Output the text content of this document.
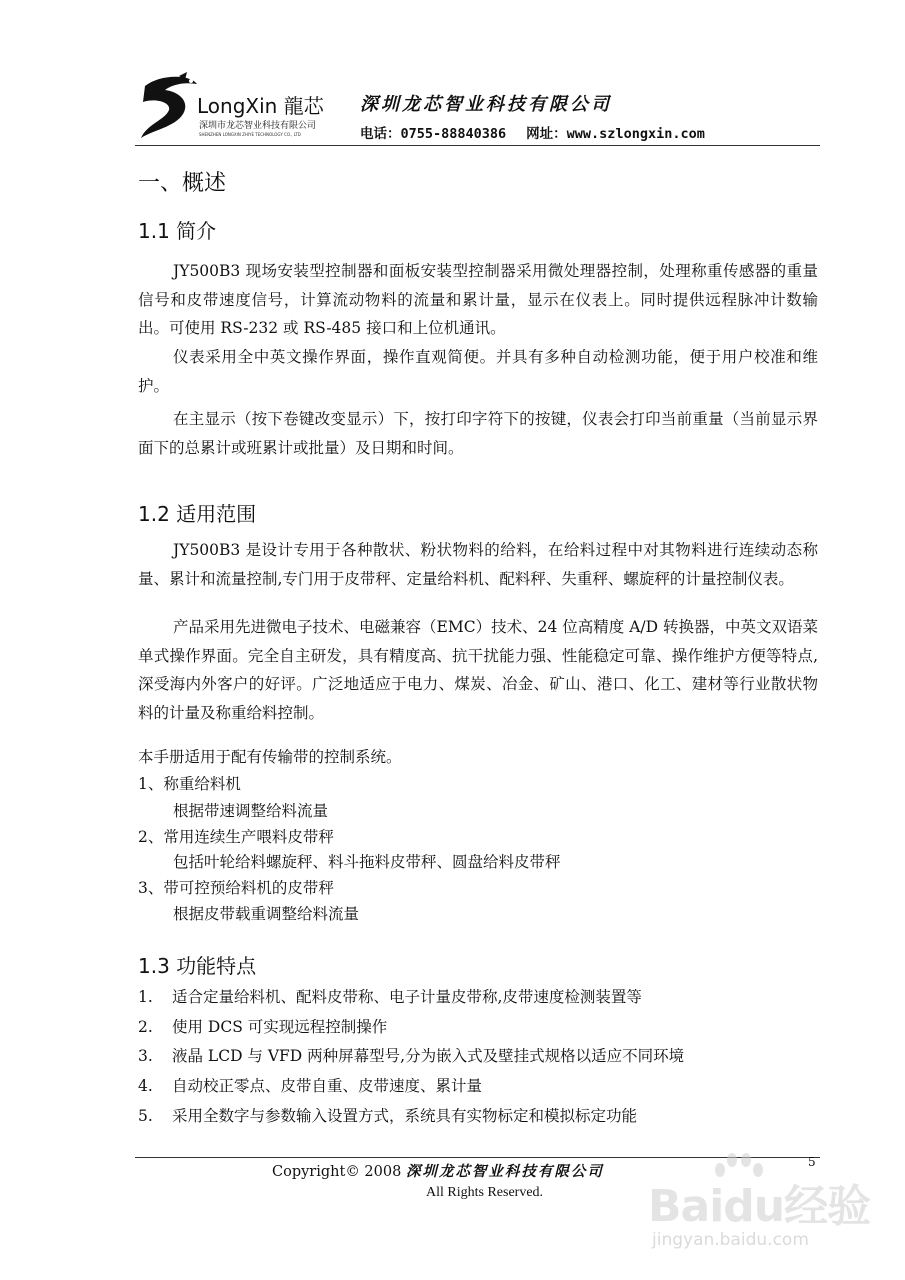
LongXin 龍芯
深圳市龙芯智业科技有限公司
SHENZHEN LONGXIN ZHIYE TECHNOLOGY CO., LTD
深圳龙芯智业科技有限公司
电话：0755-88840386 网址：www.szlongxin.com
一、概述
1.1 简介
JY500B3 现场安装型控制器和面板安装型控制器采用微处理器控制，处理称重传感器的重量信号和皮带速度信号，计算流动物料的流量和累计量，显示在仪表上。同时提供远程脉冲计数输出。可使用 RS-232 或 RS-485 接口和上位机通讯。
仪表采用全中英文操作界面，操作直观简便。并具有多种自动检测功能，便于用户校准和维护。
在主显示（按下卷键改变显示）下，按打印字符下的按键，仪表会打印当前重量（当前显示界面下的总累计或班累计或批量）及日期和时间。
1.2 适用范围
JY500B3 是设计专用于各种散状、粉状物料的给料，在给料过程中对其物料进行连续动态称量、累计和流量控制,专门用于皮带秤、定量给料机、配料秤、失重秤、螺旋秤的计量控制仪表。
产品采用先进微电子技术、电磁兼容（EMC）技术、24 位高精度 A/D 转换器，中英文双语菜单式操作界面。完全自主研发，具有精度高、抗干扰能力强、性能稳定可靠、操作维护方便等特点,深受海内外客户的好评。广泛地适应于电力、煤炭、冶金、矿山、港口、化工、建材等行业散状物料的计量及称重给料控制。
本手册适用于配有传输带的控制系统。
1、称重给料机
根据带速调整给料流量
2、常用连续生产喂料皮带秤
包括叶轮给料螺旋秤、料斗拖料皮带秤、圆盘给料皮带秤
3、带可控预给料机的皮带秤
根据皮带载重调整给料流量
1.3 功能特点
1. 适合定量给料机、配料皮带称、电子计量皮带称,皮带速度检测装置等
2. 使用 DCS 可实现远程控制操作
3. 液晶 LCD 与 VFD 两种屏幕型号,分为嵌入式及壁挂式规格以适应不同环境
4. 自动校正零点、皮带自重、皮带速度、累计量
5. 采用全数字与参数输入设置方式，系统具有实物标定和模拟标定功能
5
Copyright© 2008 深圳龙芯智业科技有限公司
All Rights Reserved. Baidu经验
jingyan.baidu.com
